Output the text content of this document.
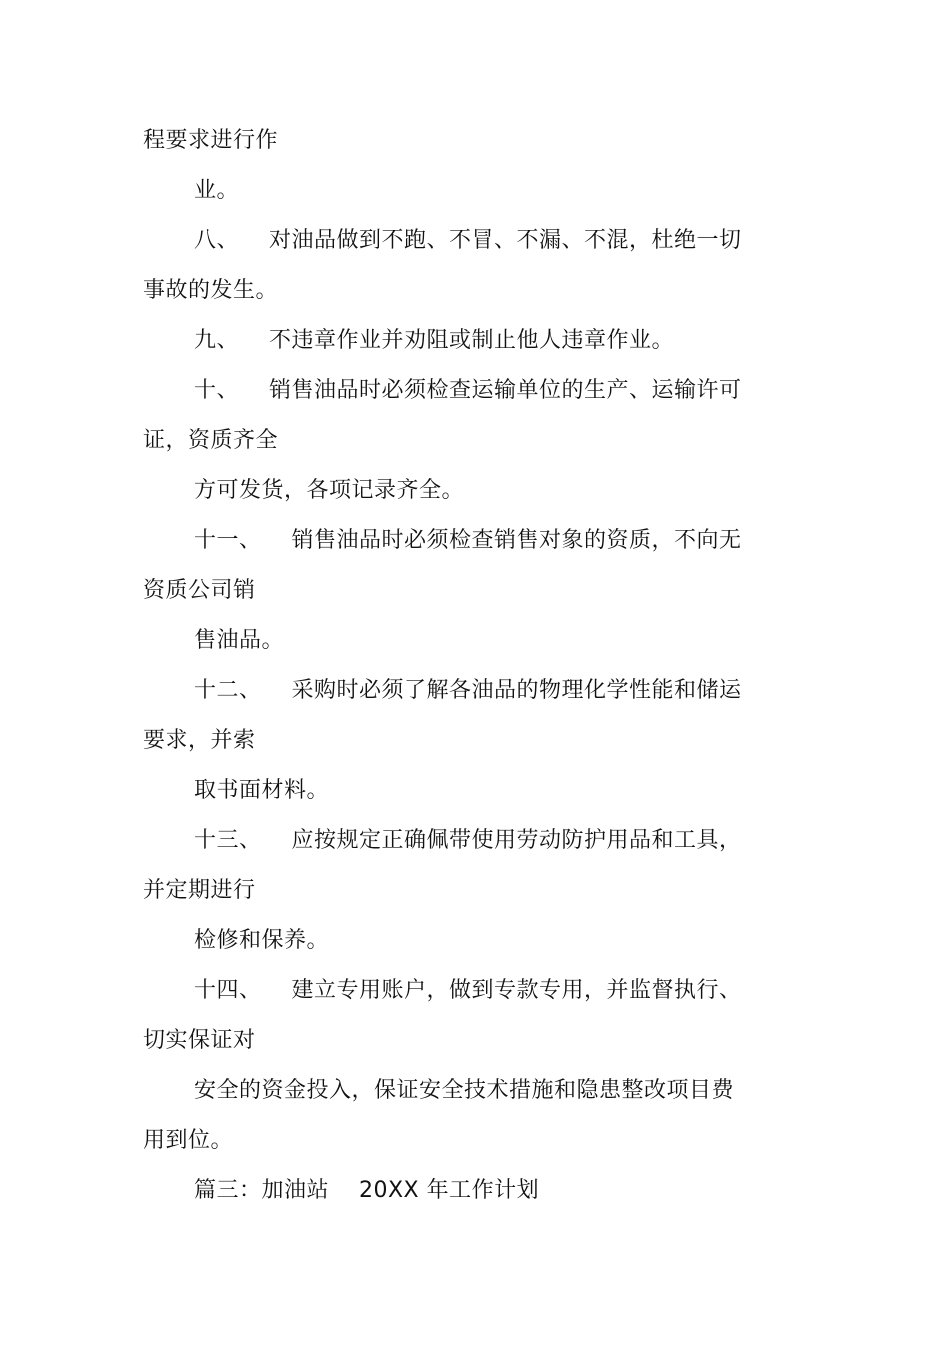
程要求进行作
业。
八、    对油品做到不跑、不冒、不漏、不混，杜绝一切
事故的发生。
九、    不违章作业并劝阻或制止他人违章作业。
十、    销售油品时必须检查运输单位的生产、运输许可
证，资质齐全
方可发货，各项记录齐全。
十一、    销售油品时必须检查销售对象的资质，不向无
资质公司销
售油品。
十二、    采购时必须了解各油品的物理化学性能和储运
要求，并索
取书面材料。
十三、    应按规定正确佩带使用劳动防护用品和工具，
并定期进行
检修和保养。
十四、    建立专用账户，做到专款专用，并监督执行、
切实保证对
安全的资金投入，保证安全技术措施和隐患整改项目费
用到位。
篇三：加油站    20XX 年工作计划
